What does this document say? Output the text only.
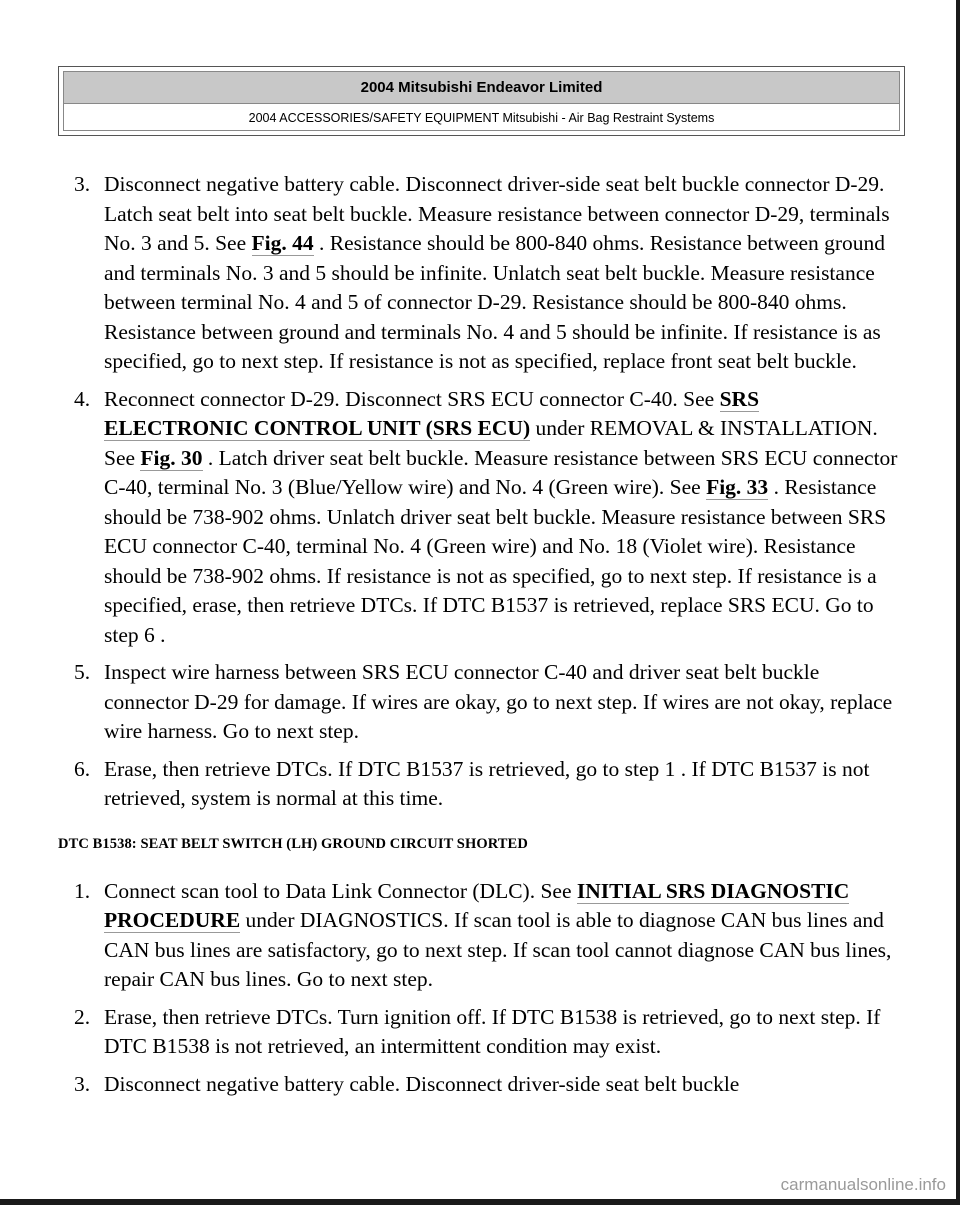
2004 Mitsubishi Endeavor Limited
2004 ACCESSORIES/SAFETY EQUIPMENT Mitsubishi - Air Bag Restraint Systems
3. Disconnect negative battery cable. Disconnect driver-side seat belt buckle connector D-29. Latch seat belt into seat belt buckle. Measure resistance between connector D-29, terminals No. 3 and 5. See Fig. 44 . Resistance should be 800-840 ohms. Resistance between ground and terminals No. 3 and 5 should be infinite. Unlatch seat belt buckle. Measure resistance between terminal No. 4 and 5 of connector D-29. Resistance should be 800-840 ohms. Resistance between ground and terminals No. 4 and 5 should be infinite. If resistance is as specified, go to next step. If resistance is not as specified, replace front seat belt buckle.
4. Reconnect connector D-29. Disconnect SRS ECU connector C-40. See SRS ELECTRONIC CONTROL UNIT (SRS ECU) under REMOVAL & INSTALLATION. See Fig. 30 . Latch driver seat belt buckle. Measure resistance between SRS ECU connector C-40, terminal No. 3 (Blue/Yellow wire) and No. 4 (Green wire). See Fig. 33 . Resistance should be 738-902 ohms. Unlatch driver seat belt buckle. Measure resistance between SRS ECU connector C-40, terminal No. 4 (Green wire) and No. 18 (Violet wire). Resistance should be 738-902 ohms. If resistance is not as specified, go to next step. If resistance is a specified, erase, then retrieve DTCs. If DTC B1537 is retrieved, replace SRS ECU. Go to step 6 .
5. Inspect wire harness between SRS ECU connector C-40 and driver seat belt buckle connector D-29 for damage. If wires are okay, go to next step. If wires are not okay, replace wire harness. Go to next step.
6. Erase, then retrieve DTCs. If DTC B1537 is retrieved, go to step 1 . If DTC B1537 is not retrieved, system is normal at this time.
DTC B1538: SEAT BELT SWITCH (LH) GROUND CIRCUIT SHORTED
1. Connect scan tool to Data Link Connector (DLC). See INITIAL SRS DIAGNOSTIC PROCEDURE under DIAGNOSTICS. If scan tool is able to diagnose CAN bus lines and CAN bus lines are satisfactory, go to next step. If scan tool cannot diagnose CAN bus lines, repair CAN bus lines. Go to next step.
2. Erase, then retrieve DTCs. Turn ignition off. If DTC B1538 is retrieved, go to next step. If DTC B1538 is not retrieved, an intermittent condition may exist.
3. Disconnect negative battery cable. Disconnect driver-side seat belt buckle
carmanualsonline.info
